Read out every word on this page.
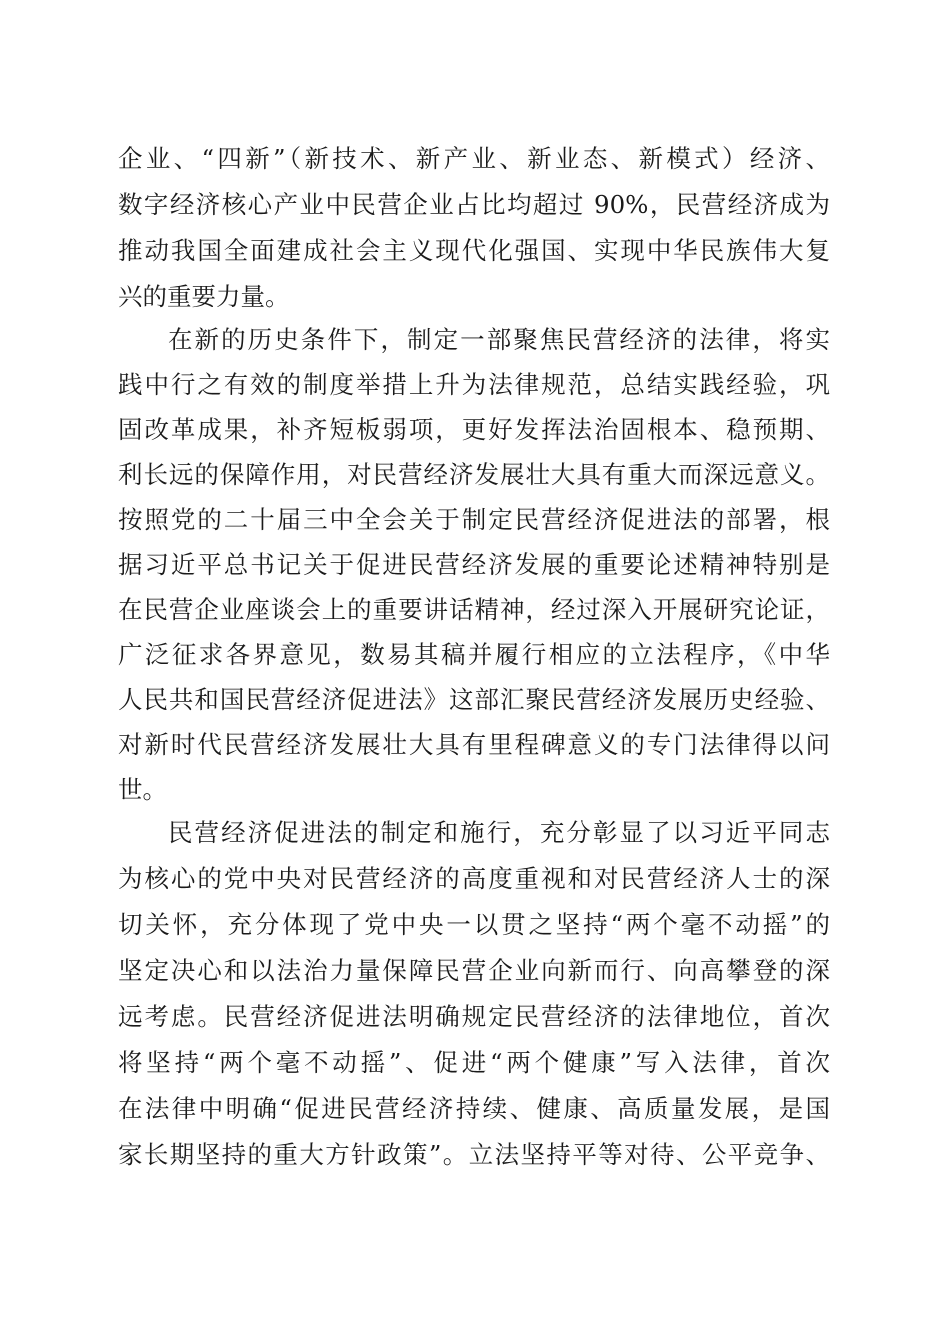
企业、“四新”（新技术、新产业、新业态、新模式）经济、
数字经济核心产业中民营企业占比均超过 90%，民营经济成为
推动我国全面建成社会主义现代化强国、实现中华民族伟大复
兴的重要力量。
在新的历史条件下，制定一部聚焦民营经济的法律，将实
践中行之有效的制度举措上升为法律规范，总结实践经验，巩
固改革成果，补齐短板弱项，更好发挥法治固根本、稳预期、
利长远的保障作用，对民营经济发展壮大具有重大而深远意义。
按照党的二十届三中全会关于制定民营经济促进法的部署，根
据习近平总书记关于促进民营经济发展的重要论述精神特别是
在民营企业座谈会上的重要讲话精神，经过深入开展研究论证，
广泛征求各界意见，数易其稿并履行相应的立法程序，《中华
人民共和国民营经济促进法》这部汇聚民营经济发展历史经验、
对新时代民营经济发展壮大具有里程碑意义的专门法律得以问
世。
民营经济促进法的制定和施行，充分彰显了以习近平同志
为核心的党中央对民营经济的高度重视和对民营经济人士的深
切关怀，充分体现了党中央一以贯之坚持“两个毫不动摇”的
坚定决心和以法治力量保障民营企业向新而行、向高攀登的深
远考虑。民营经济促进法明确规定民营经济的法律地位，首次
将坚持“两个毫不动摇”、促进“两个健康”写入法律，首次
在法律中明确“促进民营经济持续、健康、高质量发展，是国
家长期坚持的重大方针政策”。立法坚持平等对待、公平竞争、
